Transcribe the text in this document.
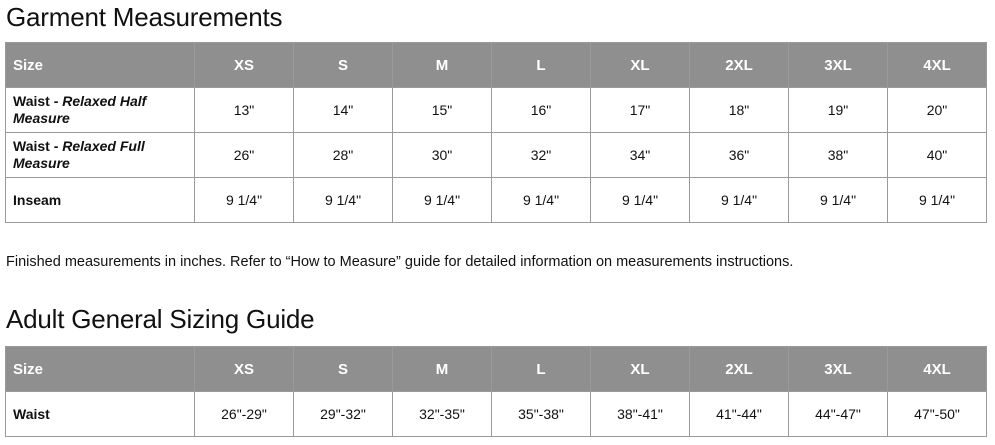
Garment Measurements
Size	XS	S	M	L	XL	2XL	3XL	4XL
Waist - Relaxed Half Measure	13"	14"	15"	16"	17"	18"	19"	20"
Waist - Relaxed Full Measure	26"	28"	30"	32"	34"	36"	38"	40"
Inseam	9 1/4"	9 1/4"	9 1/4"	9 1/4"	9 1/4"	9 1/4"	9 1/4"	9 1/4"
Finished measurements in inches. Refer to “How to Measure” guide for detailed information on measurements instructions.
Adult General Sizing Guide
Size	XS	S	M	L	XL	2XL	3XL	4XL
Waist	26"-29"	29"-32"	32"-35"	35"-38"	38"-41"	41"-44"	44"-47"	47"-50"
